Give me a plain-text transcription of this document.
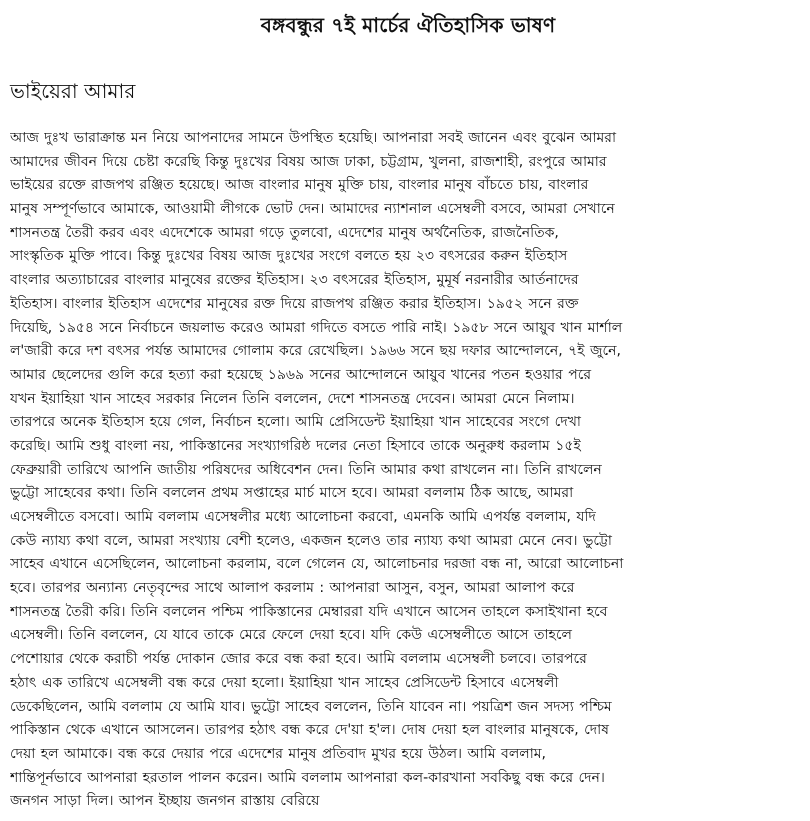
বঙ্গবন্ধুর ৭ই মার্চের ঐতিহাসিক ভাষণ
ভাইয়েরা আমার
আজ দুঃখ ভারাক্রান্ত মন নিয়ে আপনাদের সামনে উপস্থিত হয়েছি। আপনারা সবই জানেন এবং বুঝেন আমরা
আমাদের জীবন দিয়ে চেষ্টা করেছি কিন্তু দুঃখের বিষয় আজ ঢাকা, চট্টগ্রাম, খুলনা, রাজশাহী, রংপুরে আমার
ভাইয়ের রক্তে রাজপথ রঞ্জিত হয়েছে। আজ বাংলার মানুষ মুক্তি চায়, বাংলার মানুষ বাঁচতে চায়, বাংলার
মানুষ সম্পূর্ণভাবে আমাকে, আওয়ামী লীগকে ভোট দেন। আমাদের ন্যাশনাল এসেম্বলী বসবে, আমরা সেখানে
শাসনতন্ত্র তৈরী করব এবং এদেশেকে আমরা গড়ে তুলবো, এদেশের মানুষ অর্থনৈতিক, রাজনৈতিক,
সাংস্কৃতিক মুক্তি পাবে। কিন্তু দুঃখের বিষয় আজ দুঃখের সংগে বলতে হয় ২৩ বৎসরের করুন ইতিহাস
বাংলার অত্যাচারের বাংলার মানুষের রক্তের ইতিহাস। ২৩ বৎসরের ইতিহাস, মুমূর্ষ নরনারীর আর্তনাদের
ইতিহাস। বাংলার ইতিহাস এদেশের মানুষের রক্ত দিয়ে রাজপথ রঞ্জিত করার ইতিহাস। ১৯৫২ সনে রক্ত
দিয়েছি, ১৯৫৪ সনে নির্বাচনে জয়লাভ করেও আমরা গদিতে বসতে পারি নাই। ১৯৫৮ সনে আয়ুব খান মার্শাল
ল'জারী করে দশ বৎসর পর্যন্ত আমাদের গোলাম করে রেখেছিল। ১৯৬৬ সনে ছয় দফার আন্দোলনে, ৭ই জুনে,
আমার ছেলেদের গুলি করে হত্যা করা হয়েছে ১৯৬৯ সনের আন্দোলনে আয়ুব খানের পতন হওয়ার পরে
যখন ইয়াহিয়া খান সাহেব সরকার নিলেন তিনি বললেন, দেশে শাসনতন্ত্র দেবেন। আমরা মেনে নিলাম।
তারপরে অনেক ইতিহাস হয়ে গেল, নির্বাচন হলো। আমি প্রেসিডেন্ট ইয়াহিয়া খান সাহেবের সংগে দেখা
করেছি। আমি শুধু বাংলা নয়, পাকিস্তানের সংখ্যাগরিষ্ঠ দলের নেতা হিসাবে তাকে অনুরুধ করলাম ১৫ই
ফেব্রুয়ারী তারিখে আপনি জাতীয় পরিষদের অধিবেশন দেন। তিনি আমার কথা রাখলেন না। তিনি রাখলেন
ভুট্টো সাহেবের কথা। তিনি বললেন প্রথম সপ্তাহের মার্চ মাসে হবে। আমরা বললাম ঠিক আছে, আমরা
এসেম্বলীতে বসবো। আমি বললাম এসেম্বলীর মধ্যে আলোচনা করবো, এমনকি আমি এপর্যন্ত বললাম, যদি
কেউ ন্যায্য কথা বলে, আমরা সংখ্যায় বেশী হলেও, একজন হলেও তার ন্যায্য কথা আমরা মেনে নেব। ভুট্টো
সাহেব এখানে এসেছিলেন, আলোচনা করলাম, বলে গেলেন যে, আলোচনার দরজা বন্ধ না, আরো আলোচনা
হবে। তারপর অন্যান্য নেতৃবৃন্দের সাথে আলাপ করলাম : আপনারা আসুন, বসুন, আমরা আলাপ করে
শাসনতন্ত্র তৈরী করি। তিনি বললেন পশ্চিম পাকিস্তানের মেম্বাররা যদি এখানে আসেন তাহলে কসাইখানা হবে
এসেম্বলী। তিনি বললেন, যে যাবে তাকে মেরে ফেলে দেয়া হবে। যদি কেউ এসেম্বলীতে আসে তাহলে
পেশোয়ার থেকে করাচী পর্যন্ত দোকান জোর করে বন্ধ করা হবে। আমি বললাম এসেম্বলী চলবে। তারপরে
হঠাৎ এক তারিখে এসেম্বলী বন্ধ করে দেয়া হলো। ইয়াহিয়া খান সাহেব প্রেসিডেন্ট হিসাবে এসেম্বলী
ডেকেছিলেন, আমি বললাম যে আমি যাব। ভুট্টো সাহেব বললেন, তিনি যাবেন না। পয়ত্রিশ জন সদস্য পশ্চিম
পাকিস্তান থেকে এখানে আসলেন। তারপর হঠাৎ বন্ধ করে দে'য়া হ'ল। দোষ দেয়া হল বাংলার মানুষকে, দোষ
দেয়া হল আমাকে। বন্ধ করে দেয়ার পরে এদেশের মানুষ প্রতিবাদ মুখর হয়ে উঠল। আমি বললাম,
শান্তিপূর্নভাবে আপনারা হরতাল পালন করেন। আমি বললাম আপনারা কল-কারখানা সবকিছু বন্ধ করে দেন।
জনগন সাড়া দিল। আপন ইচ্ছায় জনগন রাস্তায় বেরিয়ে
